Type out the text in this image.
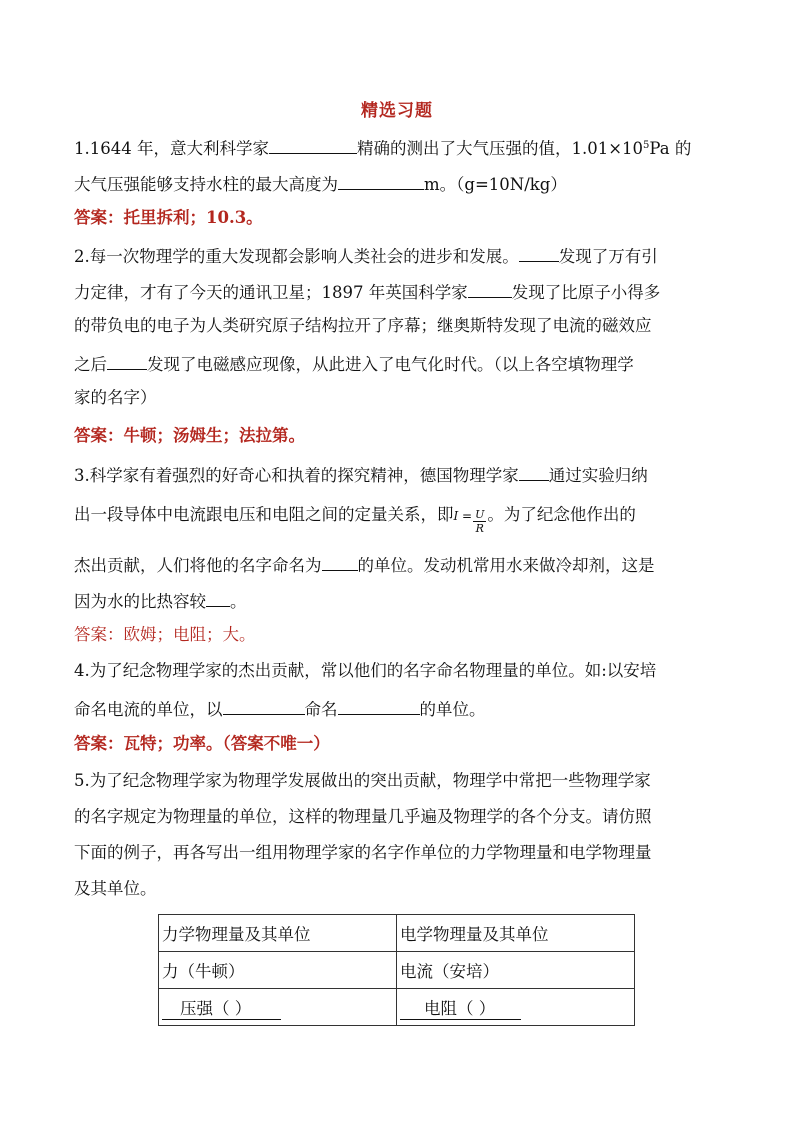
精选习题
1.1644 年，意大利科学家	精确的测出了大气压强的值，$1.01\times 10^5Pa$ 的
大气压强能够支持水柱的最大高度为	m。（g=10N/kg）
答案：托里拆利；10.3。
2.每一次物理学的重大发现都会影响人类社会的进步和发展。 发现了万有引
力定律，才有了今天的通讯卫星；1897 年英国科学家	发现了比原子小得多
的带负电的电子为人类研究原子结构拉开了序幕；继奥斯特发现了电流的磁效应
之后 发现了电磁感应现像，从此进入了电气化时代。（以上各空填物理学
家的名字）
答案：牛顿；汤姆生；法拉第。
3.科学家有着强烈的好奇心和执着的探究精神，德国物理学家 通过实验归纳
出一段导体中电流跟电压和电阻之间的定量关系，即$I = \frac{U}{R}$ 。为了纪念他作出的
杰出贡献，人们将他的名字命名为 的单位。发动机常用水来做冷却剂，这是
因为水的比热容较 。
答案：欧姆；电阻；大。
4.为了纪念物理学家的杰出贡献，常以他们的名字命名物理量的单位。如:以安培
命名电流的单位，以	命名	的单位。
答案：瓦特；功率。（答案不唯一）
5.为了纪念物理学家为物理学发展做出的突出贡献，物理学中常把一些物理学家
的名字规定为物理量的单位，这样的物理量几乎遍及物理学的各个分支。请仿照
下面的例子，再各写出一组用物理学家的名字作单位的力学物理量和电学物理量
及其单位。
力学物理量及其单位	电学物理量及其单位
力（牛顿）	电流（安培）
压强（ ）	电阻（ ）
